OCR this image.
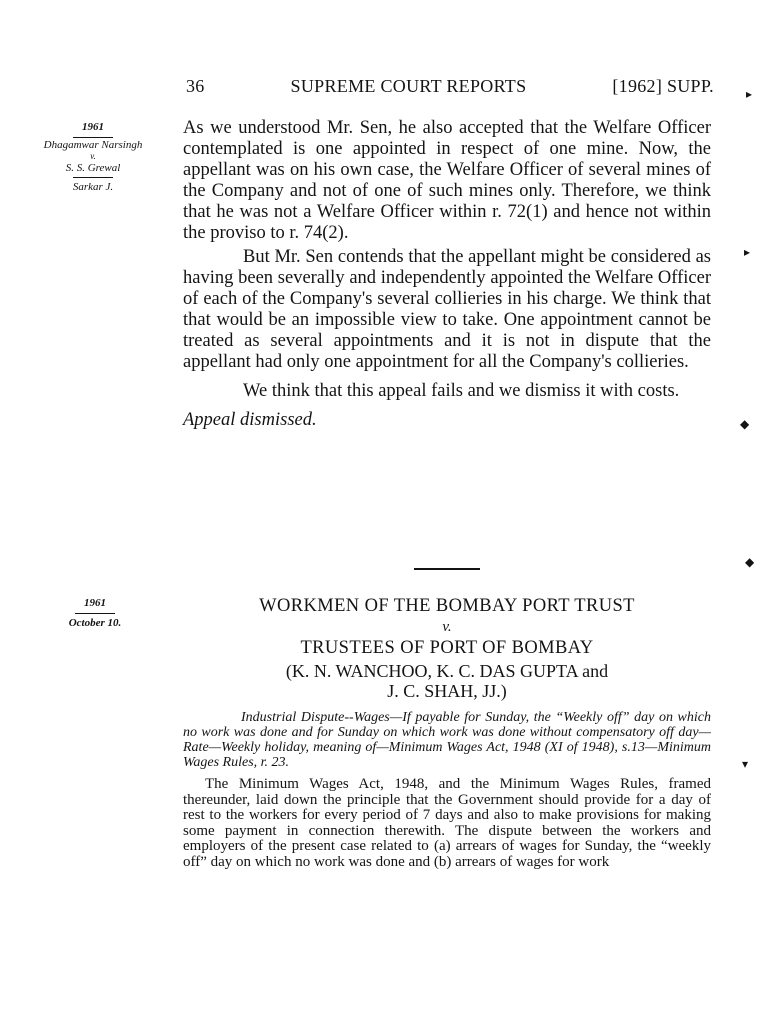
36	SUPREME COURT REPORTS	[1962] SUPP.
1961
Dhagamwar Narsingh
v.
S. S. Grewal
Sarkar J.

As we understood Mr. Sen, he also accepted that the Welfare Officer contemplated is one appointed in respect of one mine. Now, the appellant was on his own case, the Welfare Officer of several mines of the Company and not of one of such mines only. Therefore, we think that he was not a Welfare Officer within r. 72(1) and hence not within the proviso to r. 74(2).

But Mr. Sen contends that the appellant might be considered as having been severally and independently appointed the Welfare Officer of each of the Company's several collieries in his charge. We think that that would be an impossible view to take. One appointment cannot be treated as several appointments and it is not in dispute that the appellant had only one appointment for all the Company's collieries.

We think that this appeal fails and we dismiss it with costs.

Appeal dismissed.

1961
October 10.
WORKMEN OF THE BOMBAY PORT TRUST
v.
TRUSTEES OF PORT OF BOMBAY
(K. N. WANCHOO, K. C. DAS GUPTA and
J. C. SHAH, JJ.)

Industrial Dispute--Wages—If payable for Sunday, the “Weekly off” day on which no work was done and for Sunday on which work was done without compensatory off day—Rate—Weekly holiday, meaning of—Minimum Wages Act, 1948 (XI of 1948), s.13—Minimum Wages Rules, r. 23.

The Minimum Wages Act, 1948, and the Minimum Wages Rules, framed thereunder, laid down the principle that the Government should provide for a day of rest to the workers for every period of 7 days and also to make provisions for making some payment in connection therewith. The dispute between the workers and employers of the present case related to (a) arrears of wages for Sunday, the “weekly off” day on which no work was done and (b) arrears of wages for work

▸
▸
◆
◆
▾
